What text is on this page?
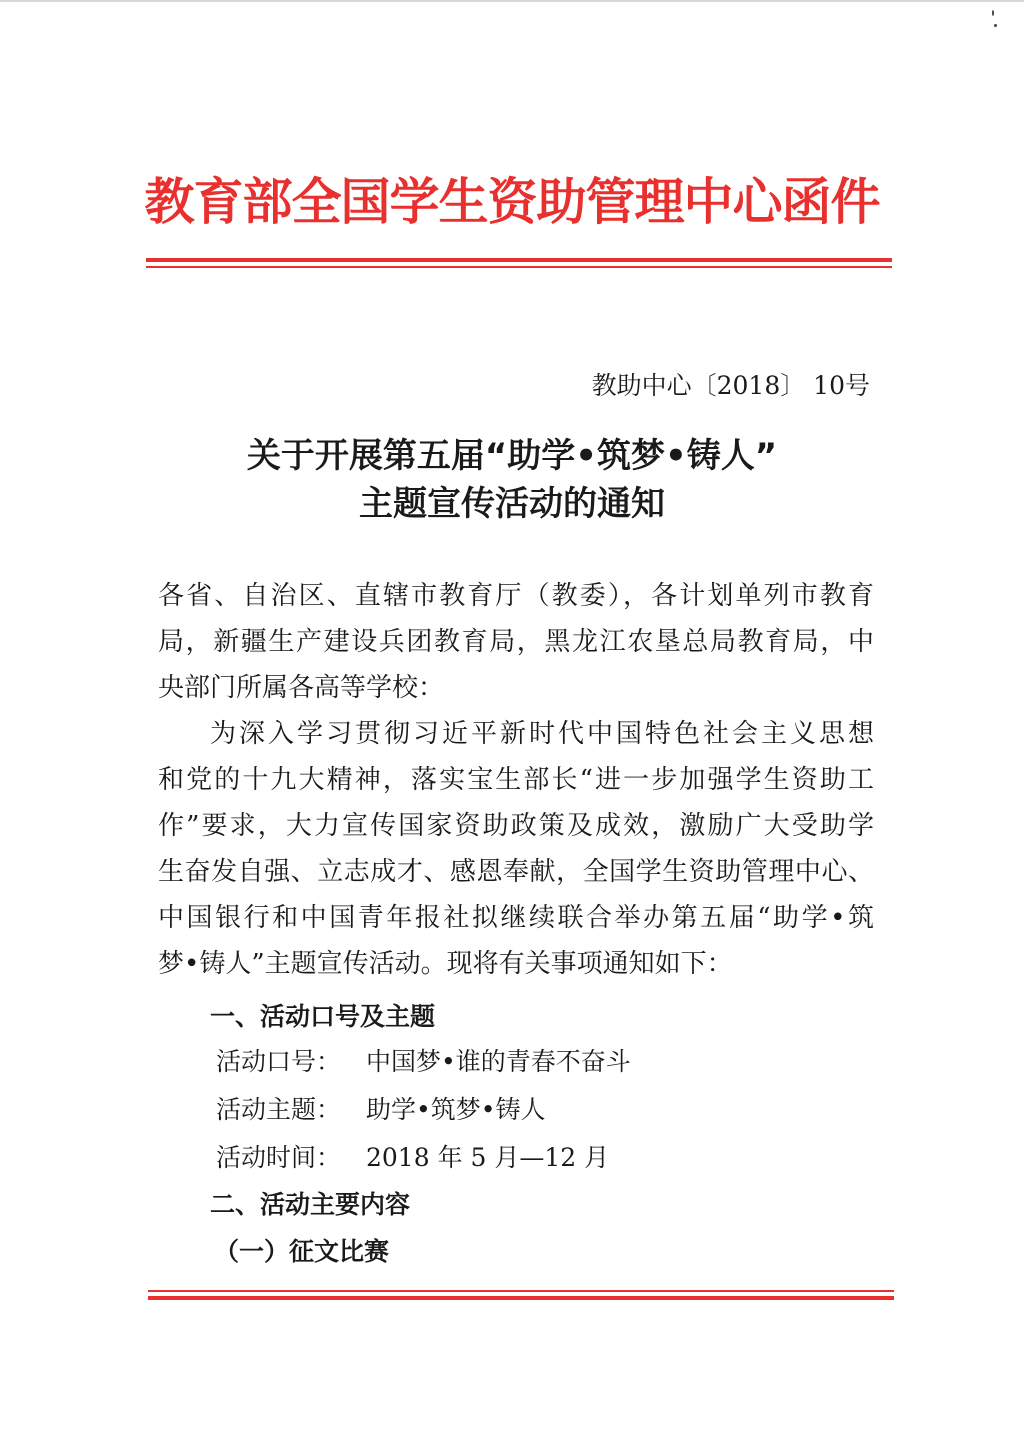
教育部全国学生资助管理中心函件
教助中心〔2018〕 10号
关于开展第五届“助学•筑梦•铸人”
主题宣传活动的通知
各省、自治区、直辖市教育厅（教委），各计划单列市教育
局，新疆生产建设兵团教育局，黑龙江农垦总局教育局，中
央部门所属各高等学校：
为深入学习贯彻习近平新时代中国特色社会主义思想
和党的十九大精神，落实宝生部长“进一步加强学生资助工
作”要求，大力宣传国家资助政策及成效，激励广大受助学
生奋发自强、立志成才、感恩奉献，全国学生资助管理中心、
中国银行和中国青年报社拟继续联合举办第五届“助学•筑
梦•铸人”主题宣传活动。现将有关事项通知如下：
一、活动口号及主题
活动口号： 中国梦•谁的青春不奋斗
活动主题： 助学•筑梦•铸人
活动时间： 2018 年 5 月—12 月
二、活动主要内容
（一）征文比赛
